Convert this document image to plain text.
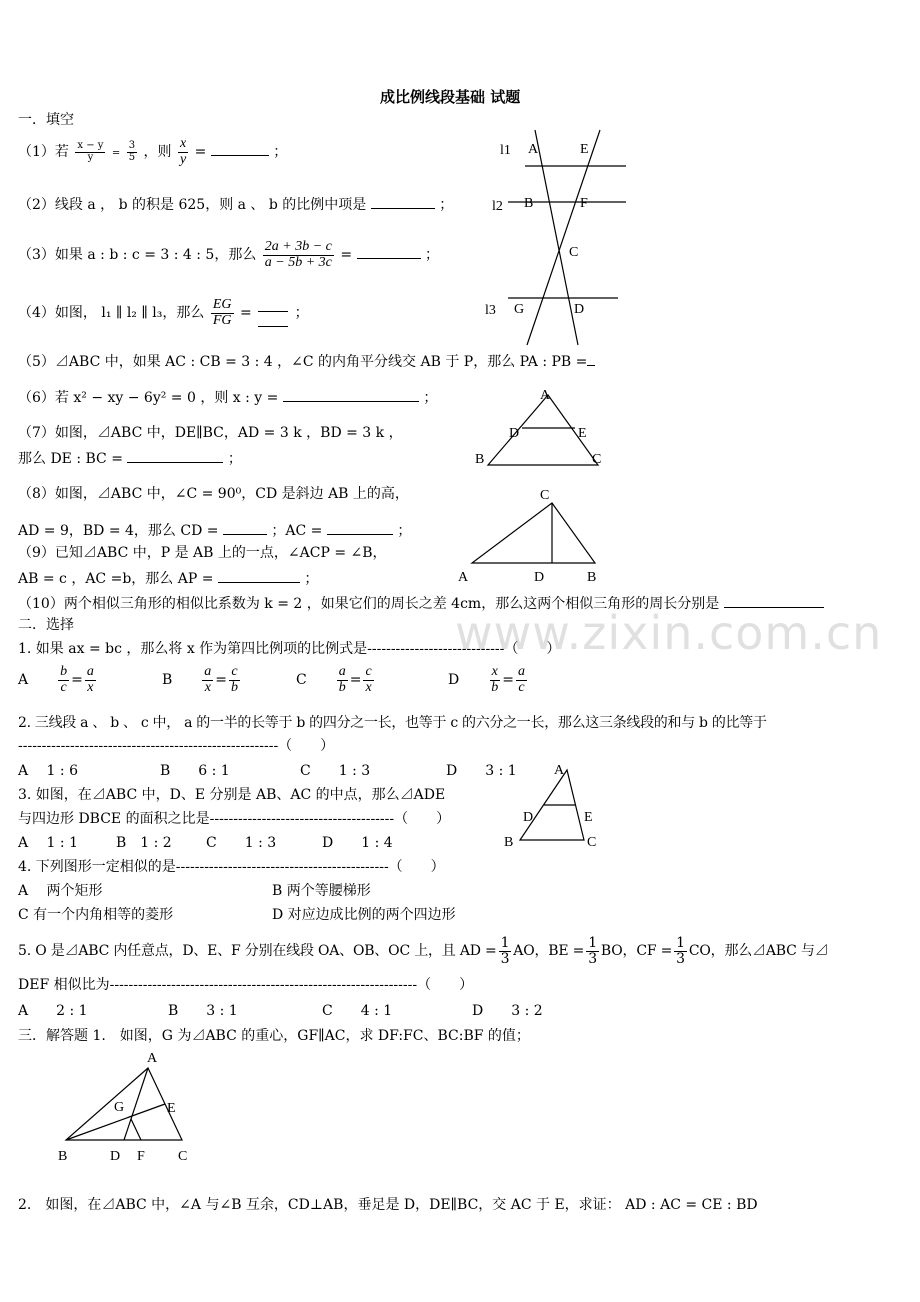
成比例线段基础 试题
一．填空
（1）若 $\frac{x - y}{y} = \frac{3}{5}$ ，则 $\frac{x}{y}$ =	；
（2）线段 a ， b 的积是 625，则 a 、 b 的比例中项是	；
（3）如果 a : b : c = 3 : 4 : 5，那么 $\frac{2a + 3b - c}{a - 5b + 3c}$ =	；
（4）如图， l₁ ∥ l₂ ∥ l₃，那么 $\frac{EG}{FG}$ =	；
（5）⊿ABC 中，如果 AC : CB = 3 : 4 ，∠C 的内角平分线交 AB 于 P，那么 PA : PB =
（6）若 x² − xy − 6y² = 0 ，则 x : y =	；
（7）如图，⊿ABC 中，DE∥BC，AD = 3 k ，BD = 3 k ，
那么 DE : BC =	；
（8）如图，⊿ABC 中，∠C = 90⁰，CD 是斜边 AB 上的高，
AD = 9，BD = 4，那么 CD =	；AC =	；
（9）已知⊿ABC 中，P 是 AB 上的一点，∠ACP = ∠B，
AB = c ，AC =b，那么 AP =	；
（10）两个相似三角形的相似比系数为 k = 2 ，如果它们的周长之差 4cm，那么这两个相似三角形的周长分别是
www.zixin.com.cn
二．选择
1. 如果 ax = bc ，那么将 x 作为第四比例项的比例式是-----------------------------（　　）
A　　 $\frac{b}{c} = \frac{a}{x}$	B　　 $\frac{a}{x} = \frac{c}{b}$	C　　 $\frac{a}{b} = \frac{c}{x}$	D　　 $\frac{x}{b} = \frac{a}{c}$
2. 三线段 a 、 b 、 c 中， a 的一半的长等于 b 的四分之一长，也等于 c 的六分之一长，那么这三条线段的和与 b 的比等于
-------------------------------------------------------（　　）
A　 1 : 6	B　　6 : 1	C　　1 : 3	D　　3 : 1
3. 如图，在⊿ABC 中，D、E 分别是 AB、AC 的中点，那么⊿ADE
与四边形 DBCE 的面积之比是---------------------------------------（　　）
A　 1 : 1	B　1 : 2 C　　1 : 3	D　　1 : 4
4. 下列图形一定相似的是---------------------------------------------（　　）
A　 两个矩形	B 两个等腰梯形
C 有一个内角相等的菱形	D 对应边成比例的两个四边形
5. O 是⊿ABC 内任意点，D、E、F 分别在线段 OA、OB、OC 上，且 AD = $\frac{1}{3}$ AO，BE = $\frac{1}{3}$ BO，CF = $\frac{1}{3}$ CO，那么⊿ABC 与⊿
DEF 相似比为-----------------------------------------------------------------（　　）
A　　2 : 1	B　　3 : 1	C　　4 : 1	D　　3 : 2
三．解答题 1.　如图，G 为⊿ABC 的重心，GF∥AC，求 DF:FC、BC:BF 的值；
2.　如图，在⊿ABC 中，∠A 与∠B 互余，CD⊥AB，垂足是 D，DE∥BC，交 AC 于 E，求证： AD : AC = CE : BD
l1 A	E
l2 B	F
C
l3 G	D
A
D	E
B	C
C
A	D	B
A
D	E
B	C
A
G	E
B	D F C
